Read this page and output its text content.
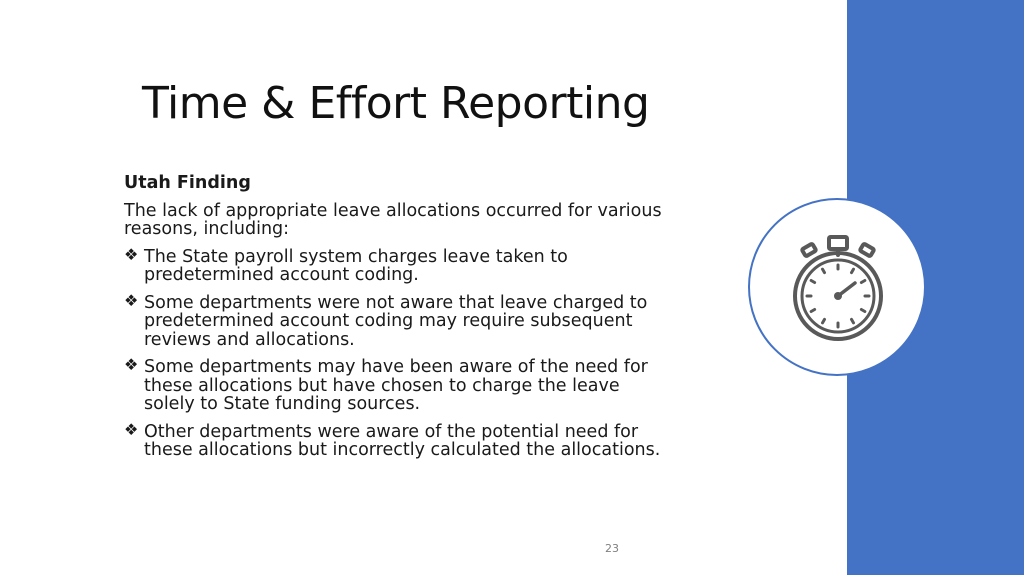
Time & Effort Reporting
Utah Finding
The lack of appropriate leave allocations occurred for various reasons, including:
❖ The State payroll system charges leave taken to predetermined account coding.
❖ Some departments were not aware that leave charged to predetermined account coding may require subsequent reviews and allocations.
❖ Some departments may have been aware of the need for these allocations but have chosen to charge the leave solely to State funding sources.
❖ Other departments were aware of the potential need for these allocations but incorrectly calculated the allocations.
23
